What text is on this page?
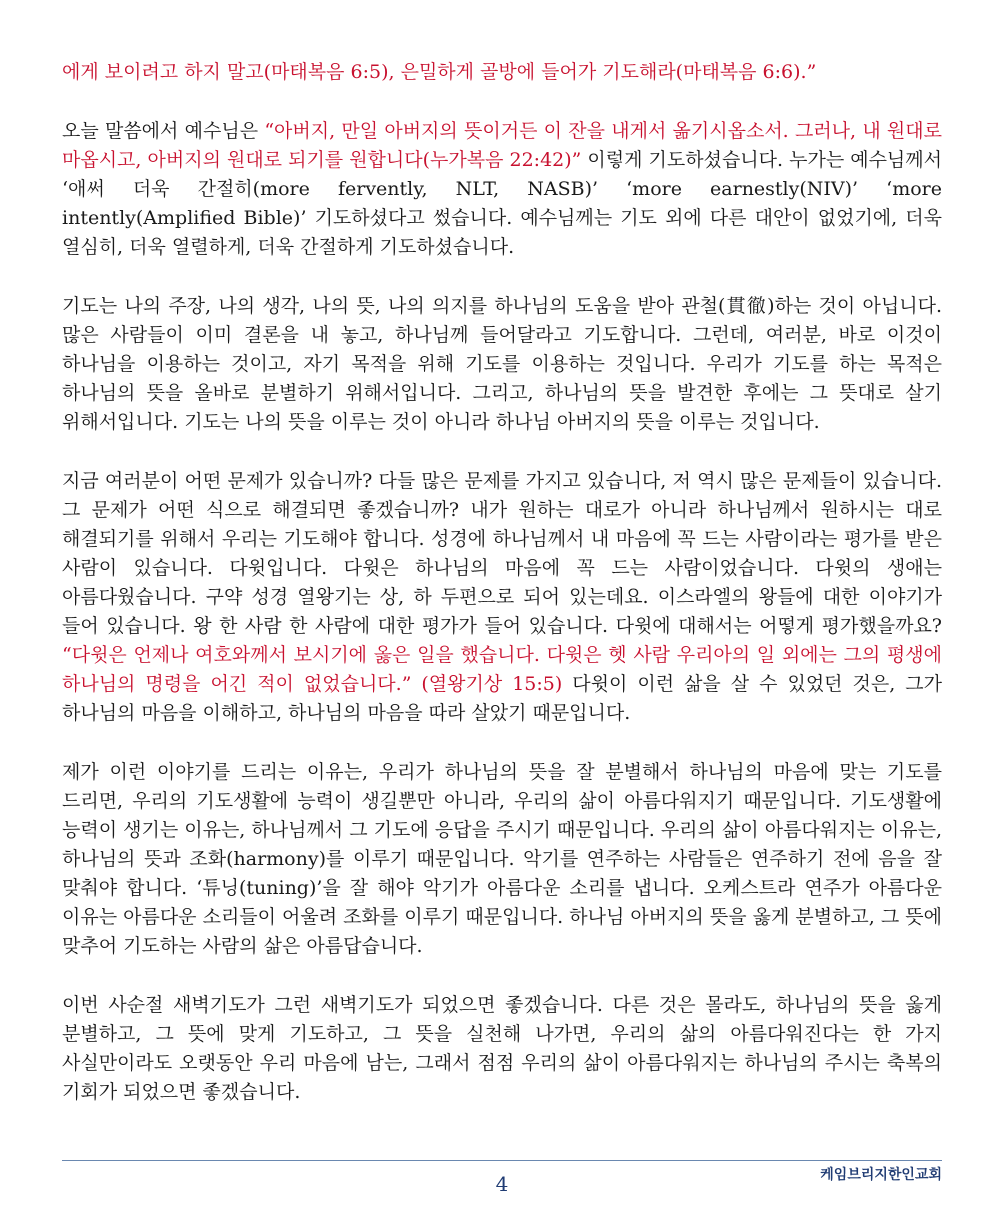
에게 보이려고 하지 말고(마태복음 6:5), 은밀하게 골방에 들어가 기도해라(마태복음 6:6).”

오늘 말씀에서 예수님은 “아버지, 만일 아버지의 뜻이거든 이 잔을 내게서 옮기시옵소서. 그러나, 내 원대로 마옵시고, 아버지의 원대로 되기를 원합니다(누가복음 22:42)” 이렇게 기도하셨습니다. 누가는 예수님께서 ‘애써 더욱 간절히(more fervently, NLT, NASB)’ ‘more earnestly(NIV)’ ‘more intently(Amplified Bible)’ 기도하셨다고 썼습니다. 예수님께는 기도 외에 다른 대안이 없었기에, 더욱 열심히, 더욱 열렬하게, 더욱 간절하게 기도하셨습니다.

기도는 나의 주장, 나의 생각, 나의 뜻, 나의 의지를 하나님의 도움을 받아 관철(貫徹)하는 것이 아닙니다. 많은 사람들이 이미 결론을 내 놓고, 하나님께 들어달라고 기도합니다. 그런데, 여러분, 바로 이것이 하나님을 이용하는 것이고, 자기 목적을 위해 기도를 이용하는 것입니다. 우리가 기도를 하는 목적은 하나님의 뜻을 올바로 분별하기 위해서입니다. 그리고, 하나님의 뜻을 발견한 후에는 그 뜻대로 살기 위해서입니다. 기도는 나의 뜻을 이루는 것이 아니라 하나님 아버지의 뜻을 이루는 것입니다.

지금 여러분이 어떤 문제가 있습니까? 다들 많은 문제를 가지고 있습니다, 저 역시 많은 문제들이 있습니다. 그 문제가 어떤 식으로 해결되면 좋겠습니까? 내가 원하는 대로가 아니라 하나님께서 원하시는 대로 해결되기를 위해서 우리는 기도해야 합니다. 성경에 하나님께서 내 마음에 꼭 드는 사람이라는 평가를 받은 사람이 있습니다. 다윗입니다. 다윗은 하나님의 마음에 꼭 드는 사람이었습니다. 다윗의 생애는 아름다웠습니다. 구약 성경 열왕기는 상, 하 두편으로 되어 있는데요. 이스라엘의 왕들에 대한 이야기가 들어 있습니다. 왕 한 사람 한 사람에 대한 평가가 들어 있습니다. 다윗에 대해서는 어떻게 평가했을까요? “다윗은 언제나 여호와께서 보시기에 옳은 일을 했습니다. 다윗은 헷 사람 우리아의 일 외에는 그의 평생에 하나님의 명령을 어긴 적이 없었습니다.” (열왕기상 15:5) 다윗이 이런 삶을 살 수 있었던 것은, 그가 하나님의 마음을 이해하고, 하나님의 마음을 따라 살았기 때문입니다.

제가 이런 이야기를 드리는 이유는, 우리가 하나님의 뜻을 잘 분별해서 하나님의 마음에 맞는 기도를 드리면, 우리의 기도생활에 능력이 생길뿐만 아니라, 우리의 삶이 아름다워지기 때문입니다. 기도생활에 능력이 생기는 이유는, 하나님께서 그 기도에 응답을 주시기 때문입니다. 우리의 삶이 아름다워지는 이유는, 하나님의 뜻과 조화(harmony)를 이루기 때문입니다. 악기를 연주하는 사람들은 연주하기 전에 음을 잘 맞춰야 합니다. ‘튜닝(tuning)’을 잘 해야 악기가 아름다운 소리를 냅니다. 오케스트라 연주가 아름다운 이유는 아름다운 소리들이 어울려 조화를 이루기 때문입니다. 하나님 아버지의 뜻을 옳게 분별하고, 그 뜻에 맞추어 기도하는 사람의 삶은 아름답습니다.

이번 사순절 새벽기도가 그런 새벽기도가 되었으면 좋겠습니다. 다른 것은 몰라도, 하나님의 뜻을 옳게 분별하고, 그 뜻에 맞게 기도하고, 그 뜻을 실천해 나가면, 우리의 삶의 아름다워진다는 한 가지 사실만이라도 오랫동안 우리 마음에 남는, 그래서 점점 우리의 삶이 아름다워지는 하나님의 주시는 축복의 기회가 되었으면 좋겠습니다.

4	케임브리지한인교회
